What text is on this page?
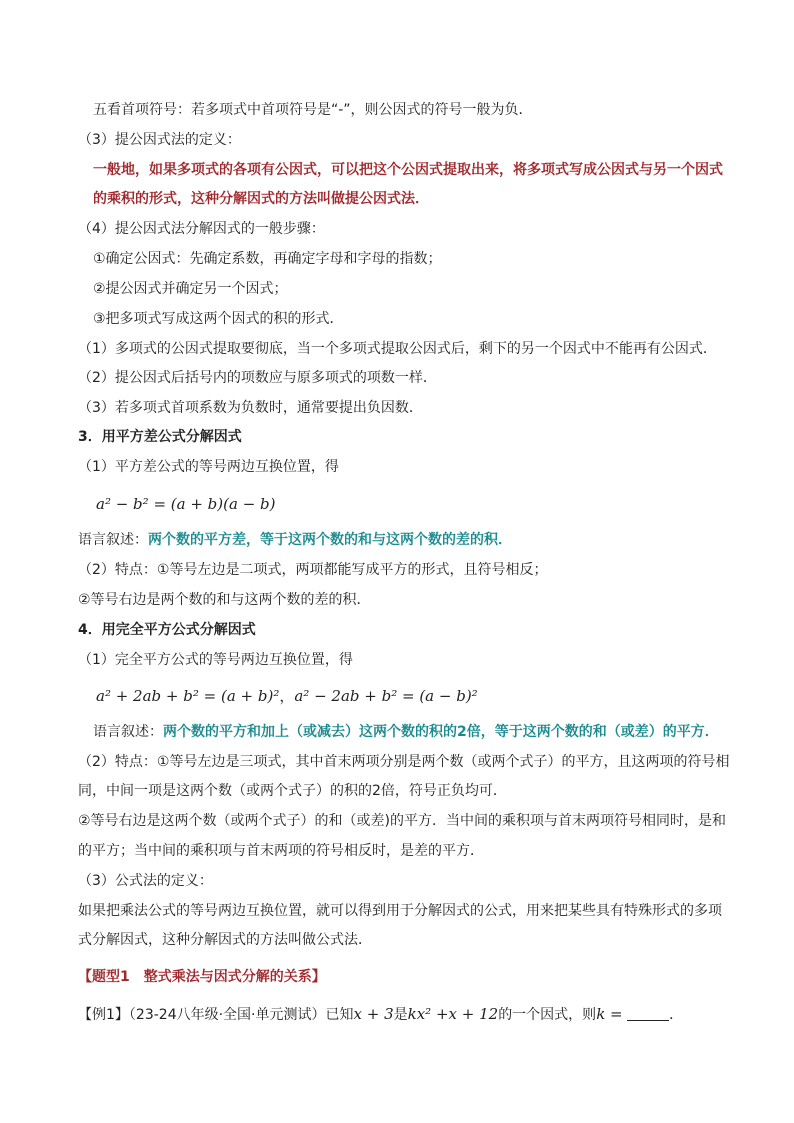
五看首项符号：若多项式中首项符号是“-”，则公因式的符号一般为负．
（3）提公因式法的定义：
一般地，如果多项式的各项有公因式，可以把这个公因式提取出来，将多项式写成公因式与另一个因式
的乘积的形式，这种分解因式的方法叫做提公因式法．
（4）提公因式法分解因式的一般步骤：
①确定公因式：先确定系数，再确定字母和字母的指数；
②提公因式并确定另一个因式；
③把多项式写成这两个因式的积的形式．
（1）多项式的公因式提取要彻底，当一个多项式提取公因式后，剩下的另一个因式中不能再有公因式．
（2）提公因式后括号内的项数应与原多项式的项数一样．
（3）若多项式首项系数为负数时，通常要提出负因数．
3．用平方差公式分解因式
（1）平方差公式的等号两边互换位置，得
a² − b² = (a + b)(a − b)
语言叙述：两个数的平方差，等于这两个数的和与这两个数的差的积．
（2）特点：①等号左边是二项式，两项都能写成平方的形式，且符号相反；
②等号右边是两个数的和与这两个数的差的积．
4．用完全平方公式分解因式
（1）完全平方公式的等号两边互换位置，得
a² + 2ab + b² = (a + b)²，a² − 2ab + b² = (a − b)²
语言叙述：两个数的平方和加上（或减去）这两个数的积的2倍，等于这两个数的和（或差）的平方．
（2）特点：①等号左边是三项式，其中首末两项分别是两个数（或两个式子）的平方，且这两项的符号相
同，中间一项是这两个数（或两个式子）的积的2倍，符号正负均可．
②等号右边是这两个数（或两个式子）的和（或差)的平方．当中间的乘积项与首末两项符号相同时，是和
的平方；当中间的乘积项与首末两项的符号相反时，是差的平方．
（3）公式法的定义：
如果把乘法公式的等号两边互换位置，就可以得到用于分解因式的公式，用来把某些具有特殊形式的多项
式分解因式，这种分解因式的方法叫做公式法．
【题型1　整式乘法与因式分解的关系】
【例1】（23-24八年级·全国·单元测试）已知x + 3是kx² +x + 12的一个因式，则k =	．
